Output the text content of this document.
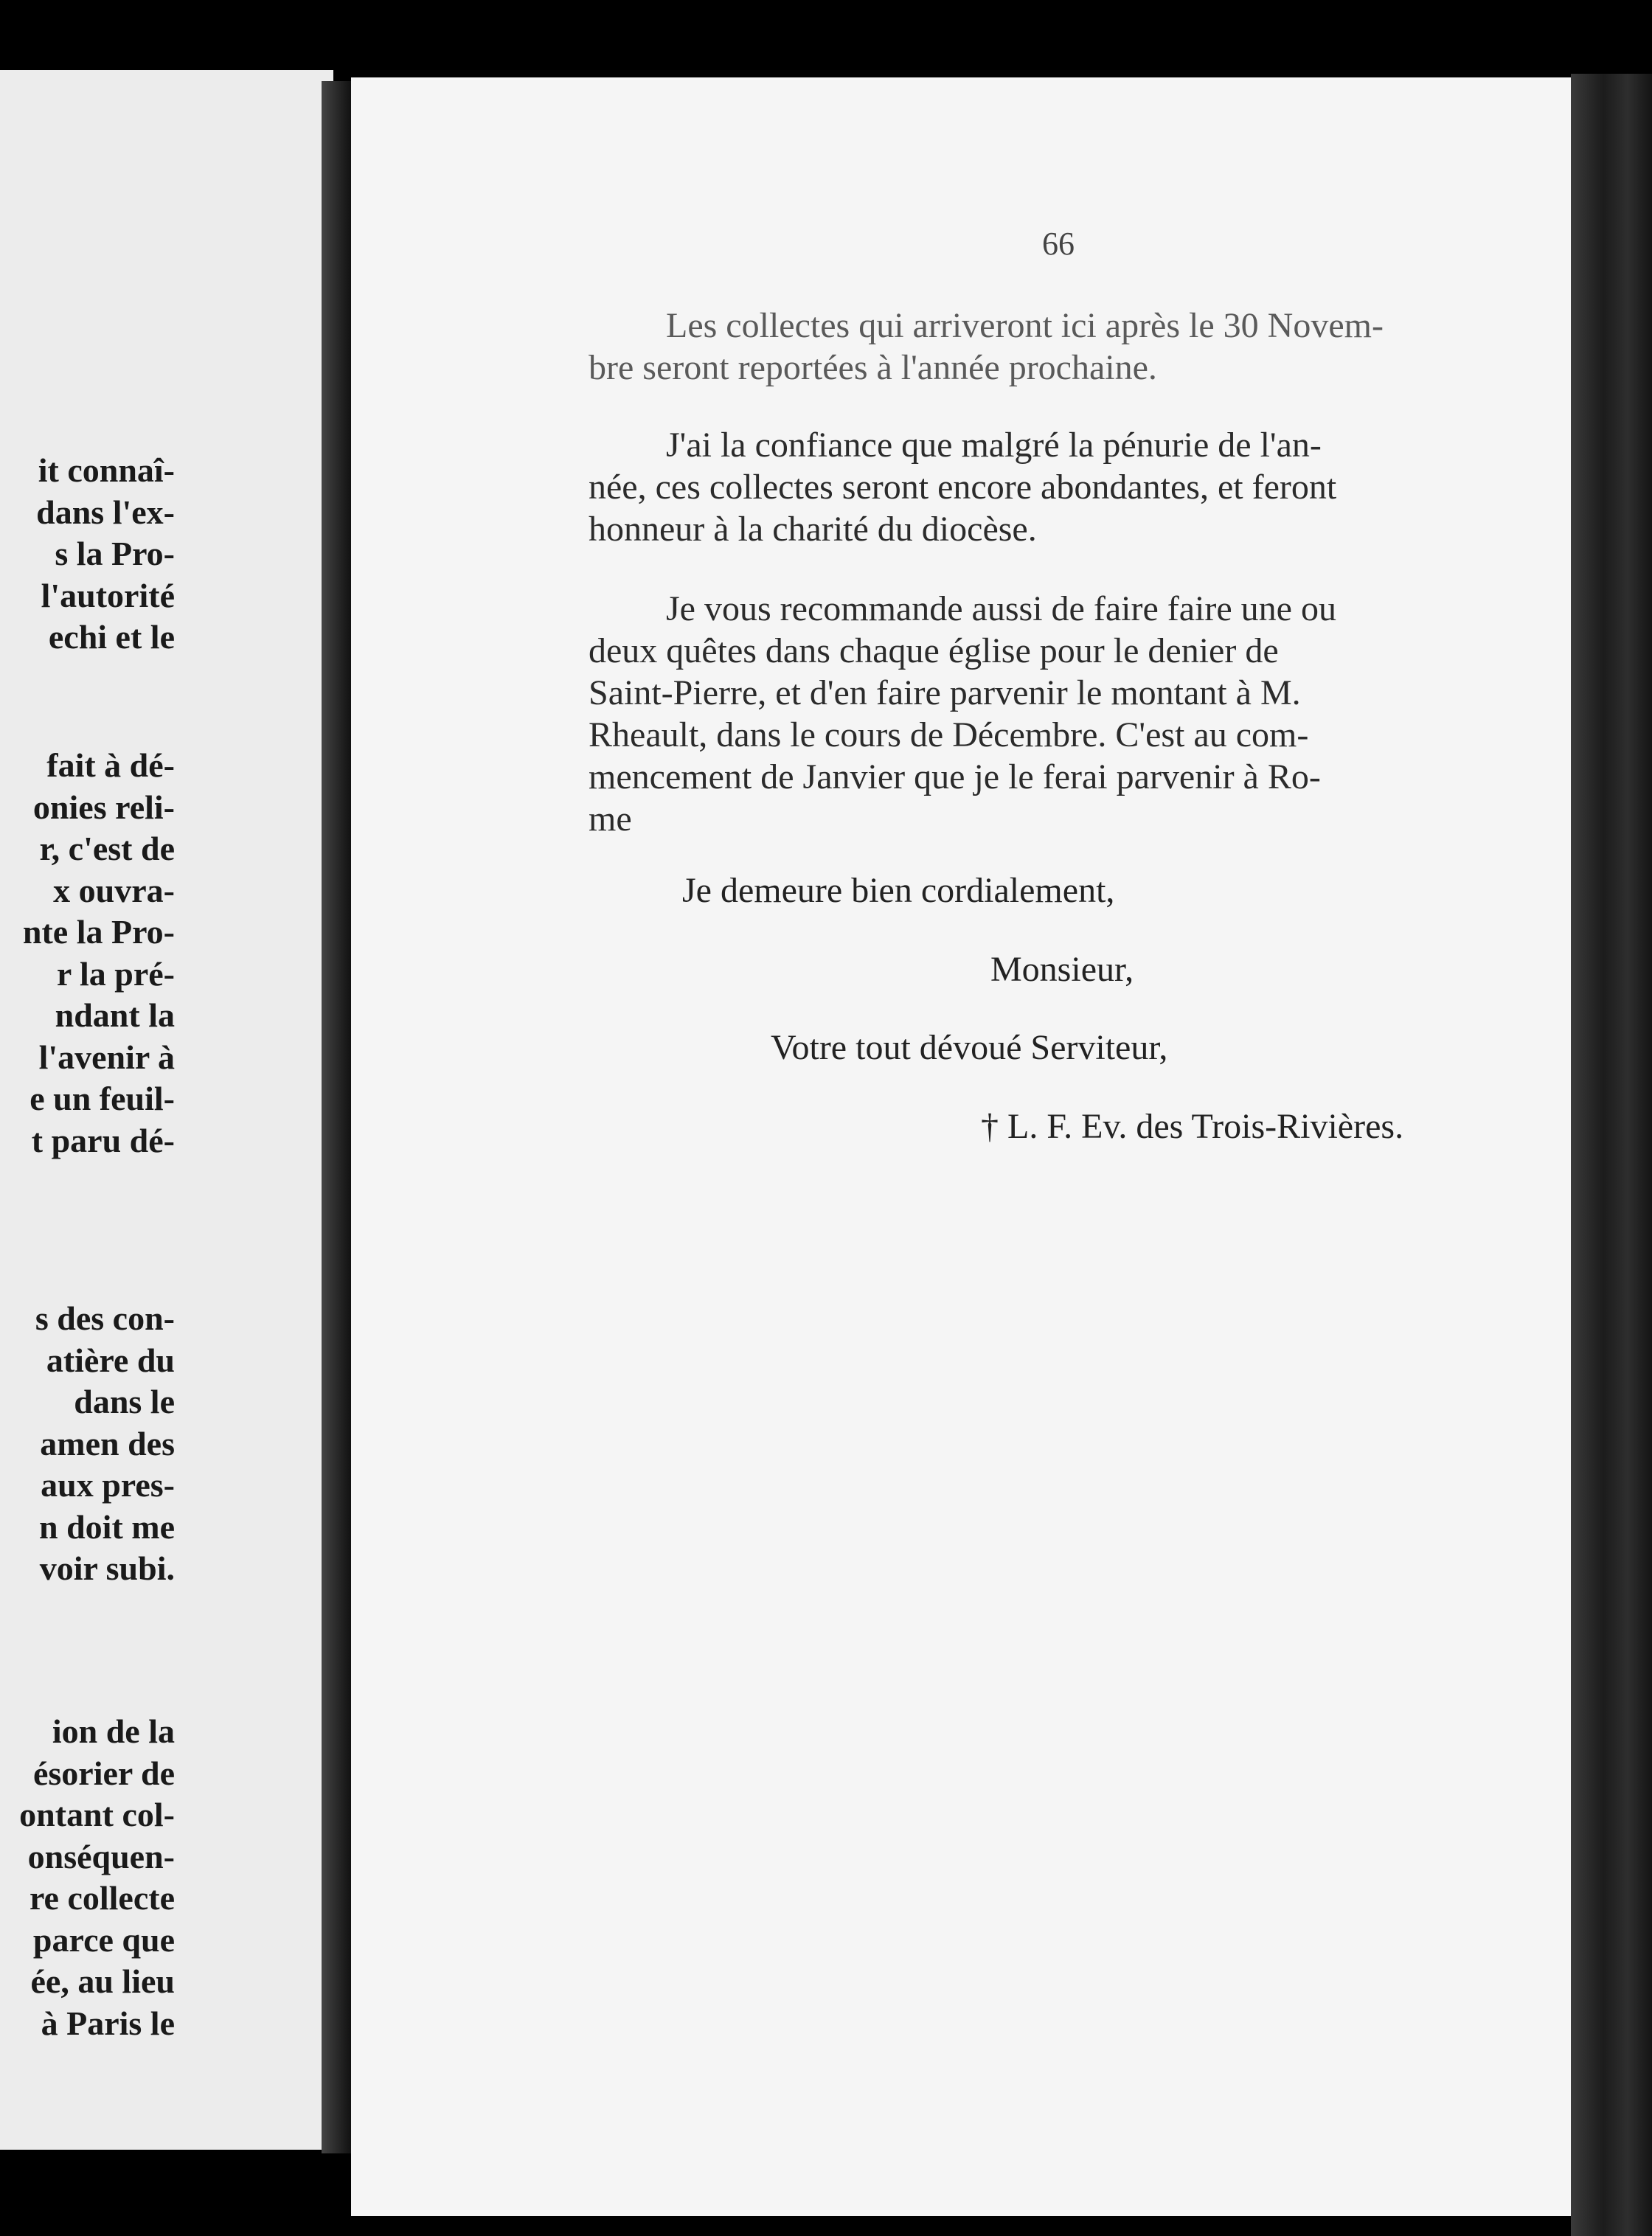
it connaî-
dans l'ex-
s la Pro-
l'autorité
echi et le
fait à dé-
onies reli-
r, c'est de
x ouvra-
nte la Pro-
r la pré-
ndant la
l'avenir à
e un feuil-
t paru dé-
s des con-
atière du
dans le
amen des
aux pres-
n doit me
voir subi.
ion de la
ésorier de
ontant col-
onséquen-
re collecte
parce que
ée, au lieu
à Paris le
66
Les collectes qui arriveront ici après le 30 Novem-
bre seront reportées à l'année prochaine.
J'ai la confiance que malgré la pénurie de l'an-
née, ces collectes seront encore abondantes, et feront
honneur à la charité du diocèse.
Je vous recommande aussi de faire faire une ou
deux quêtes dans chaque église pour le denier de
Saint-Pierre, et d'en faire parvenir le montant à M.
Rheault, dans le cours de Décembre. C'est au com-
mencement de Janvier que je le ferai parvenir à Ro-
me
Je demeure bien cordialement,
Monsieur,
Votre tout dévoué Serviteur,
† L. F. Ev. des Trois-Rivières.
